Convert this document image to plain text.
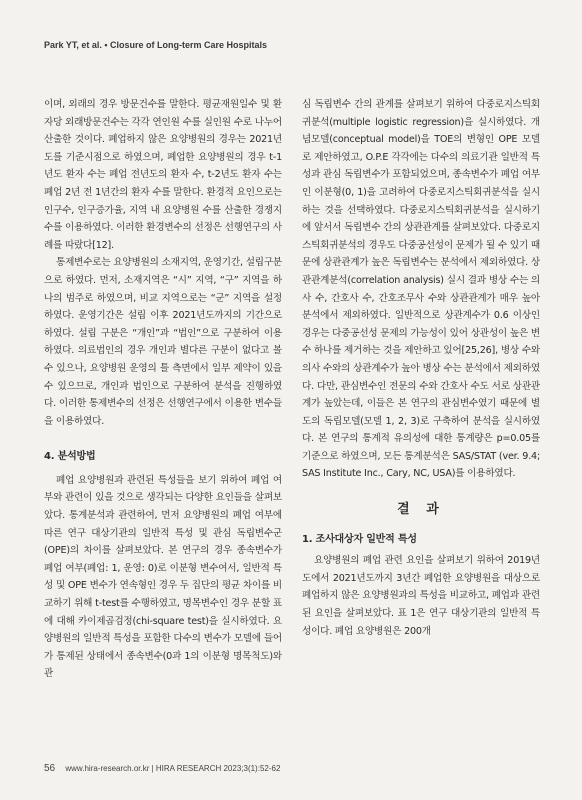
Park YT, et al. • Closure of Long-term Care Hospitals

이며, 외래의 경우 방문건수를 말한다. 평균재원일수 및 환자당 외래방문건수는 각각 연인원 수를 실인원 수로 나누어 산출한 것이다. 폐업하지 않은 요양병원의 경우는 2021년도를 기준시점으로 하였으며, 폐업한 요양병원의 경우 t-1년도 환자 수는 폐업 전년도의 환자 수, t-2년도 환자 수는 폐업 2년 전 1년간의 환자 수를 말한다. 환경적 요인으로는 인구수, 인구증가율, 지역 내 요양병원 수를 산출한 경쟁지수를 이용하였다. 이러한 환경변수의 선정은 선행연구의 사례를 따랐다[12].

통제변수로는 요양병원의 소재지역, 운영기간, 설립구분으로 하였다. 먼저, 소재지역은 “시” 지역, “구” 지역을 하나의 범주로 하였으며, 비교 지역으로는 “군” 지역을 설정하였다. 운영기간은 설립 이후 2021년도까지의 기간으로 하였다. 설립 구분은 “개인”과 “법인”으로 구분하여 이용하였다. 의료법인의 경우 개인과 별다른 구분이 없다고 볼 수 있으나, 요양병원 운영의 틀 측면에서 일부 제약이 있을 수 있으므로, 개인과 법인으로 구분하여 분석을 진행하였다. 이러한 통제변수의 선정은 선행연구에서 이용한 변수들을 이용하였다.

4. 분석방법

폐업 요양병원과 관련된 특성들을 보기 위하여 폐업 여부와 관련이 있을 것으로 생각되는 다양한 요인들을 살펴보았다. 통계분석과 관련하여, 먼저 요양병원의 폐업 여부에 따른 연구 대상기관의 일반적 특성 및 관심 독립변수군(OPE)의 차이를 살펴보았다. 본 연구의 경우 종속변수가 폐업 여부(폐업: 1, 운영: 0)로 이분형 변수여서, 일반적 특성 및 OPE 변수가 연속형인 경우 두 집단의 평균 차이를 비교하기 위해 t-test를 수행하였고, 명목변수인 경우 분할 표에 대해 카이제곱검정(chi-square test)을 실시하였다. 요양병원의 일반적 특성을 포함한 다수의 변수가 모델에 들어가 통제된 상태에서 종속변수(0과 1의 이분형 명목척도)와 관

심 독립변수 간의 관계를 살펴보기 위하여 다중로지스틱회귀분석(multiple logistic regression)을 실시하였다. 개념모델(conceptual model)을 TOE의 변형인 OPE 모델로 제안하였고, O.P.E 각각에는 다수의 의료기관 일반적 특성과 관심 독립변수가 포함되었으며, 종속변수가 폐업 여부인 이분형(0, 1)을 고려하여 다중로지스틱회귀분석을 실시하는 것을 선택하였다. 다중로지스틱회귀분석을 실시하기에 앞서서 독립변수 간의 상관관계를 살펴보았다. 다중로지스틱회귀분석의 경우도 다중공선성이 문제가 될 수 있기 때문에 상관관계가 높은 독립변수는 분석에서 제외하였다. 상관관계분석(correlation analysis) 실시 결과 병상 수는 의사 수, 간호사 수, 간호조무사 수와 상관관계가 매우 높아 분석에서 제외하였다. 일반적으로 상관계수가 0.6 이상인 경우는 다중공선성 문제의 가능성이 있어 상관성이 높은 변수 하나를 제거하는 것을 제안하고 있어[25,26], 병상 수와 의사 수와의 상관계수가 높아 병상 수는 분석에서 제외하였다. 다만, 관심변수인 전문의 수와 간호사 수도 서로 상관관계가 높았는데, 이들은 본 연구의 관심변수였기 때문에 별도의 독립모델(모델 1, 2, 3)로 구축하여 분석을 실시하였다. 본 연구의 통계적 유의성에 대한 통계량은 p=0.05를 기준으로 하였으며, 모든 통계분석은 SAS/STAT (ver. 9.4; SAS Institute Inc., Cary, NC, USA)를 이용하였다.

결 과
1. 조사대상자 일반적 특성

요양병원의 폐업 관련 요인을 살펴보기 위하여 2019년도에서 2021년도까지 3년간 폐업한 요양병원을 대상으로 폐업하지 않은 요양병원과의 특성을 비교하고, 폐업과 관련된 요인을 살펴보았다. 표 1은 연구 대상기관의 일반적 특성이다. 폐업 요양병원은 200개

56 www.hira-research.or.kr | HIRA RESEARCH 2023;3(1):52-62
